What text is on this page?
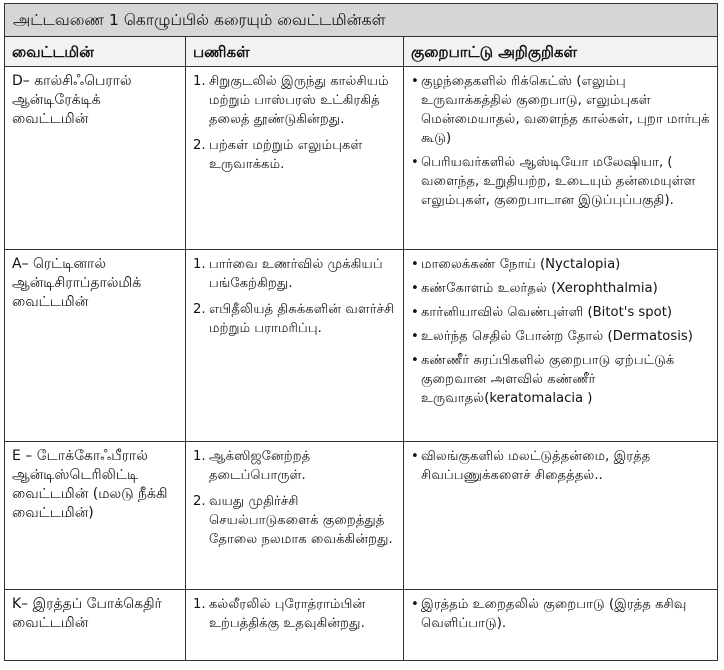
அட்டவணை 1 கொழுப்பில் கரையும் வைட்டமின்கள்
வைட்டமின்	பணிகள்	குறைபாட்டு அறிகுறிகள்
D– கால்சிஃபெரால் ஆன்டிரேக்டிக் வைட்டமின்
1. சிறுகுடலில் இருந்து கால்சியம் மற்றும் பாஸ்பரஸ் உட்கிரகித் தலைத் தூண்டுகின்றது.
2. பற்கள் மற்றும் எலும்புகள் உருவாக்கம்.
• குழந்தைகளில் ரிக்கெட்ஸ் (எலும்பு உருவாக்கத்தில் குறைபாடு, எலும்புகள் மென்மையாதல், வளைந்த கால்கள், புறா மார்புக் கூடு)
• பெரியவர்களில் ஆஸ்டியோ மலேஷியா, ( வளைந்த, உறுதியற்ற, உடையும் தன்மையுள்ள எலும்புகள், குறைபாடான இடுப்புப்பகுதி).
A– ரெட்டினால் ஆன்டிசிராப்தால்மிக் வைட்டமின்
1. பார்வை உணர்வில் முக்கியப் பங்கேற்கிறது.
2. எபிதீலியத் திசுக்களின் வளர்ச்சி மற்றும் பராமரிப்பு.
• மாலைக்கண் நோய் (Nyctalopia)
• கண்கோளம் உலர்தல் (Xerophthalmia)
• கார்னியாவில் வெண்புள்ளி (Bitot's spot)
• உலர்ந்த செதில் போன்ற தோல் (Dermatosis)
• கண்ணீர் சுரப்பிகளில் குறைபாடு ஏற்பட்டுக் குறைவான அளவில் கண்ணீர் உருவாதல்(keratomalacia )
E – டோக்கோஃபீரால் ஆன்டிஸ்டெரிலிட்டி வைட்டமின் (மலடு நீக்கி வைட்டமின்)
1. ஆக்ஸிஜனேற்றத் தடைப்பொருள்.
2. வயது முதிர்ச்சி செயல்பாடுகளைக் குறைத்துத் தோலை நலமாக வைக்கின்றது.
• விலங்குகளில் மலட்டுத்தன்மை, இரத்த சிவப்பணுக்களைச் சிதைத்தல்..
K– இரத்தப் போக்கெதிர் வைட்டமின்
1. கல்லீரலில் புரோத்ராம்பின் உற்பத்திக்கு உதவுகின்றது.
• இரத்தம் உறைதலில் குறைபாடு (இரத்த கசிவு வெளிப்பாடு).
